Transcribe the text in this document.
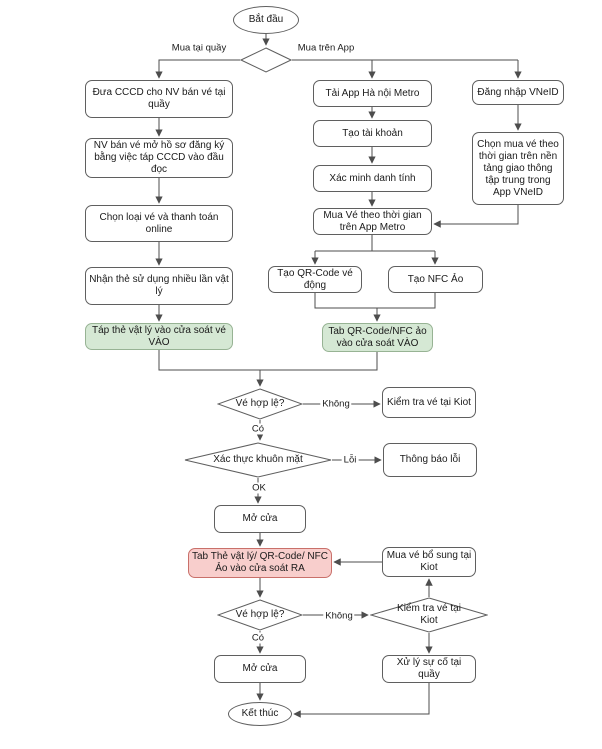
Bắt đầu
Đưa CCCD cho NV bán vé tại quầy
NV bán vé mở hồ sơ đăng ký bằng việc táp CCCD vào đầu đọc
Chọn loại vé và thanh toán online
Nhận thẻ sử dụng nhiều lần vật lý
Táp thẻ vật lý vào cửa soát vé VÀO
Tải App Hà nội Metro
Tạo tài khoản
Xác minh danh tính
Mua Vé theo thời gian trên App Metro
Tạo QR-Code vé động
Tạo NFC Ảo
Tab QR-Code/NFC ảo vào cửa soát VÀO
Đăng nhập VNeID
Chọn mua vé theo thời gian trên nền tảng giao thông tập trung trong App VNeID
Vé hợp lệ?	Kiểm tra vé tại Kiot
Xác thực khuôn mặt	Thông báo lỗi
Mở cửa
Tab Thẻ vật lý/ QR-Code/ NFC Ảo vào cửa soát RA
Mua vé bổ sung tại Kiot
Kiểm tra vé tại Kiot
Vé hợp lệ?
Mở cửa
Xử lý sự cố tại quầy
Kết thúc
Mua tại quầy	Mua trên App
Không
Có
Lỗi
OK
Không
Có
